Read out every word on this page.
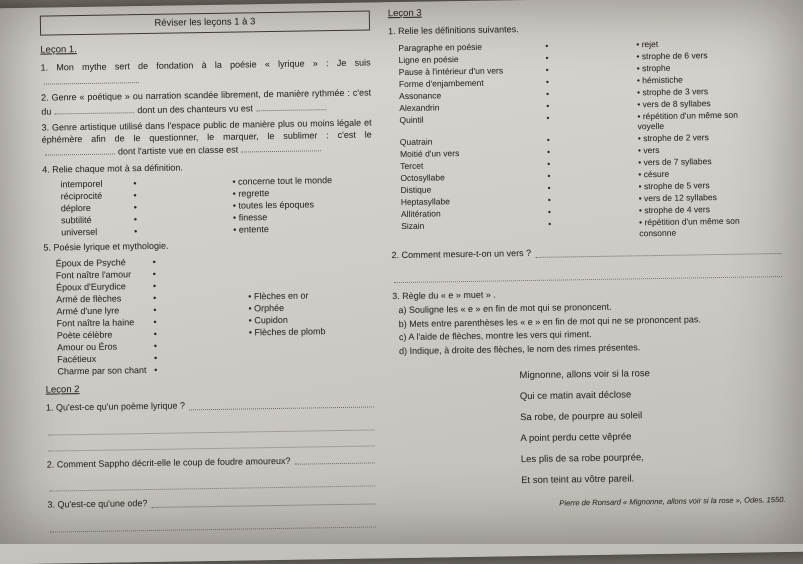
Réviser les leçons 1 à 3
Leçon 1.

1. Mon mythe sert de fondation à la poésie « lyrique » : Je suis

2. Genre « poétique » ou narration scandée librement, de manière rythmée : c'est du	dont un des chanteurs vu est

3. Genre artistique utilisé dans l'espace public de manière plus ou moins légale et éphémère afin de le questionner, le marquer, le sublimer : c'est ledont l'artiste vue en classe est

4. Relie chaque mot à sa définition.

intemporel •	• concerne tout le monde
réciprocité •	• regrette
déplore •	• toutes les époques
subtilité •	• finesse
universel •	• entente

5. Poésie lyrique et mythologie.

Époux de Psyché •
Font naître l'amour •
Époux d'Eurydice •
Armé de flèches •	• Flèches en or
Armé d'une lyre •	• Orphée
Font naître la haine •	• Cupidon
Poète célèbre •	• Flèches de plomb
Amour ou Éros •
Facétieux •
Charme par son chant •
Leçon 2

1. Qu'est-ce qu'un poème lyrique ?

2. Comment Sappho décrit-elle le coup de foudre amoureux?

3. Qu'est-ce qu'une ode?

Leçon 3

1. Relie les définitions suivantes.

Paragraphe en poésie •	• rejet
Ligne en poésie •	• strophe de 6 vers
Pause à l'intérieur d'un vers •	• strophe
Forme d'enjambement •	• hémistiche
Assonance •	• strophe de 3 vers
Alexandrin •	• vers de 8 syllabes
Quintil •	• répétition d'un même son
voyelle
Quatrain •	• strophe de 2 vers
Moitié d'un vers •	• vers
Tercet •	• vers de 7 syllabes
Octosyllabe •	• césure
Distique •	• strophe de 5 vers
Heptasyllabe •	• vers de 12 syllabes
Allitération •	• strophe de 4 vers
Sizain •	• répétition d'un même son
consonne

2. Comment mesure-t-on un vers ?

3. Règle du « e » muet » .

a) Souligne les « e » en fin de mot qui se prononcent.
b) Mets entre parenthèses les « e » en fin de mot qui ne se prononcent pas.
c) A l'aide de flèches, montre les vers qui riment.
d) Indique, à droite des flèches, le nom des rimes présentes.
Mignonne, allons voir si la rose
Qui ce matin avait déclose
Sa robe, de pourpre au soleil
A point perdu cette vêprée
Les plis de sa robe pourprée,
Et son teint au vôtre pareil.
Pierre de Ronsard « Mignonne, allons voir si la rose », Odes, 1550.
